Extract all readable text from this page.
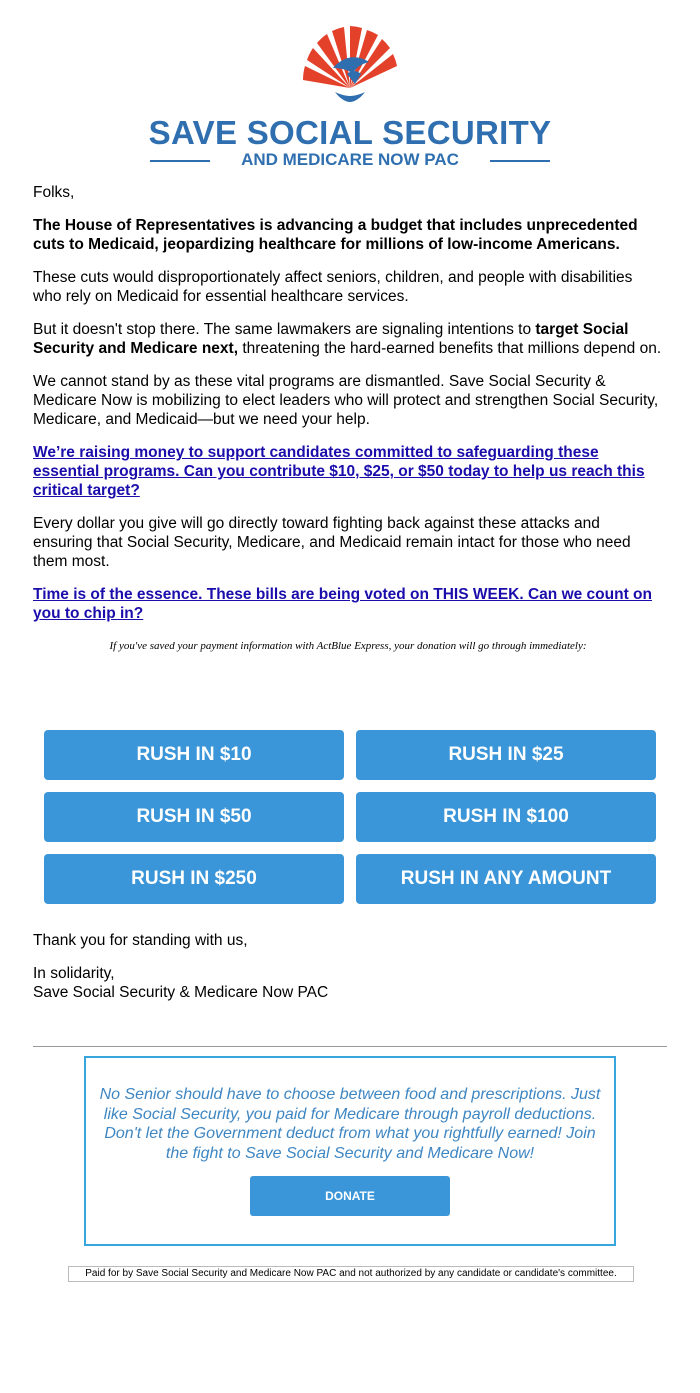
SAVE SOCIAL SECURITY
AND MEDICARE NOW PAC

Folks,

The House of Representatives is advancing a budget that includes unprecedented cuts to Medicaid, jeopardizing healthcare for millions of low-income Americans.

These cuts would disproportionately affect seniors, children, and people with disabilities who rely on Medicaid for essential healthcare services.

But it doesn't stop there. The same lawmakers are signaling intentions to target Social Security and Medicare next, threatening the hard-earned benefits that millions depend on.

We cannot stand by as these vital programs are dismantled. Save Social Security & Medicare Now is mobilizing to elect leaders who will protect and strengthen Social Security, Medicare, and Medicaid—but we need your help.

We’re raising money to support candidates committed to safeguarding these essential programs. Can you contribute $10, $25, or $50 today to help us reach this critical target?

Every dollar you give will go directly toward fighting back against these attacks and ensuring that Social Security, Medicare, and Medicaid remain intact for those who need them most.

Time is of the essence. These bills are being voted on THIS WEEK. Can we count on you to chip in?

If you've saved your payment information with ActBlue Express, your donation will go through immediately:

RUSH IN $10	RUSH IN $25
RUSH IN $50	RUSH IN $100
RUSH IN $250	RUSH IN ANY AMOUNT

Thank you for standing with us,

In solidarity,
Save Social Security & Medicare Now PAC

No Senior should have to choose between food and prescriptions. Just like Social Security, you paid for Medicare through payroll deductions. Don't let the Government deduct from what you rightfully earned! Join the fight to Save Social Security and Medicare Now!
DONATE
Paid for by Save Social Security and Medicare Now PAC and not authorized by any candidate or candidate's committee.
